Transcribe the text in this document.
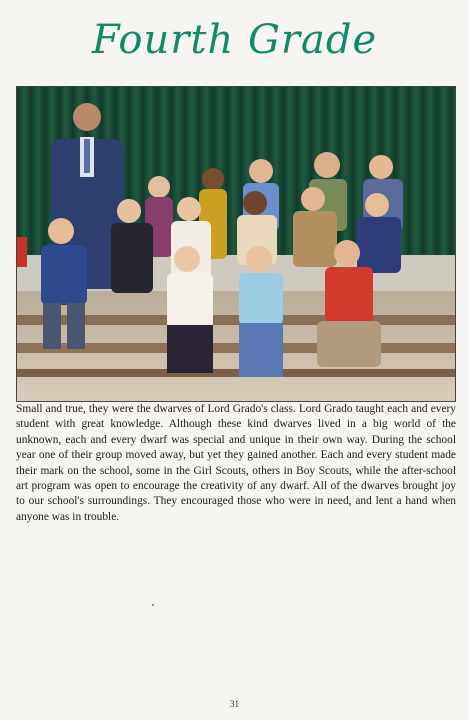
Fourth Grade
Small and true, they were the dwarves of Lord Grado's class. Lord Grado taught each and every student with great knowledge. Although these kind dwarves lived in a big world of the unknown, each and every dwarf was special and unique in their own way. During the school year one of their group moved away, but yet they gained another. Each and every student made their mark on the school, some in the Girl Scouts, others in Boy Scouts, while the after-school art program was open to encourage the creativity of any dwarf. All of the dwarves brought joy to our school's surroundings. They encouraged those who were in need, and lent a hand when anyone was in trouble.
31
